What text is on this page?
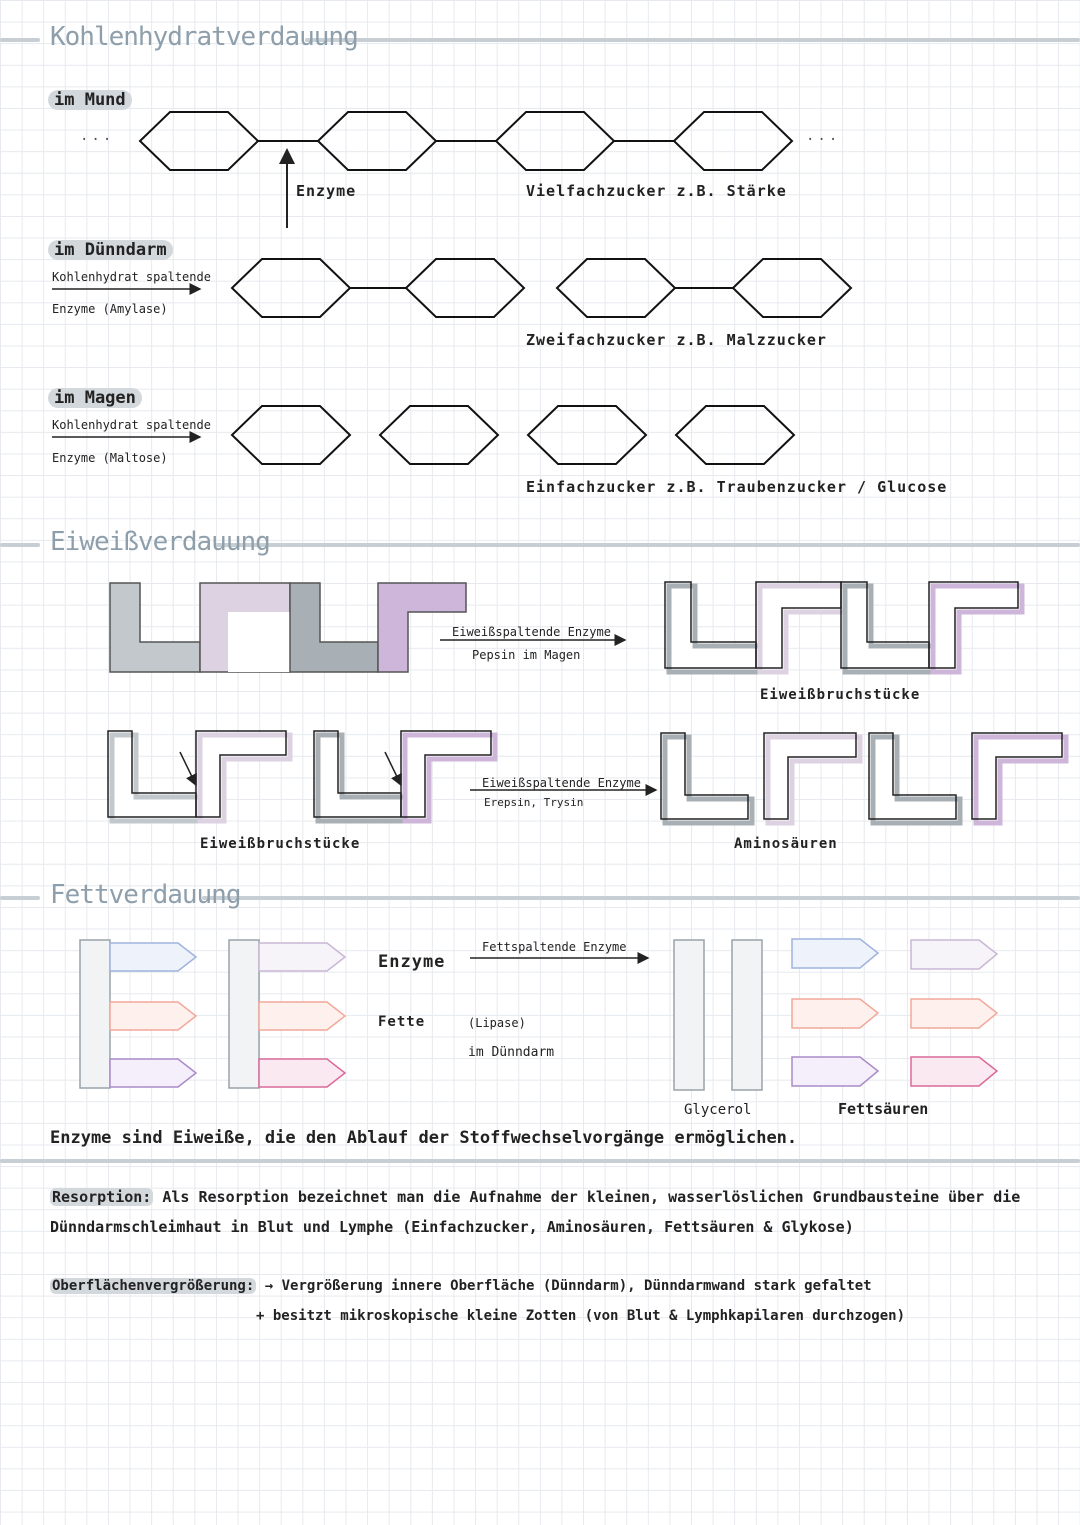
Kohlenhydratverdauung
Eiweißverdauung
Fettverdauung
im Mund
...	...
Enzyme	Vielfachzucker z.B. Stärke
im Dünndarm
Kohlenhydrat spaltende
Enzyme (Amylase)
Zweifachzucker z.B. Malzzucker
im Magen
Kohlenhydrat spaltende
Enzyme (Maltose)
Einfachzucker z.B. Traubenzucker / Glucose
Eiweißspaltende Enzyme
Pepsin im Magen
Eiweißbruchstücke
Eiweißspaltende Enzyme
Erepsin, Trysin
Eiweißbruchstücke	Aminosäuren
Enzyme
Fettspaltende Enzyme
Fette	(Lipase)
im Dünndarm
Glycerol	Fettsäuren
Enzyme sind Eiweiße, die den Ablauf der Stoffwechselvorgänge ermöglichen.
Resorption: Als Resorption bezeichnet man die Aufnahme der kleinen, wasserlöslichen Grundbausteine über die
Dünndarmschleimhaut in Blut und Lymphe (Einfachzucker, Aminosäuren, Fettsäuren & Glykose)
Oberflächenvergrößerung: → Vergrößerung innere Oberfläche (Dünndarm), Dünndarmwand stark gefaltet
+ besitzt mikroskopische kleine Zotten (von Blut & Lymphkapilaren durchzogen)
